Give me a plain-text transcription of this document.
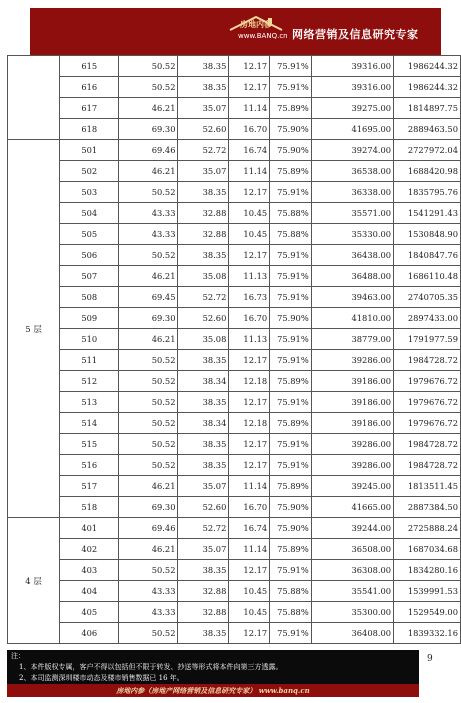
房地内参
www.BANQ.cn 网络营销及信息研究专家
	615	50.52	38.35	12.17	75.91%	39316.00	1986244.32
	616	50.52	38.35	12.17	75.91%	39316.00	1986244.32
	617	46.21	35.07	11.14	75.89%	39275.00	1814897.75
	618	69.30	52.60	16.70	75.90%	41695.00	2889463.50
5 层	501	69.46	52.72	16.74	75.90%	39274.00	2727972.04
	502	46.21	35.07	11.14	75.89%	36538.00	1688420.98
	503	50.52	38.35	12.17	75.91%	36338.00	1835795.76
	504	43.33	32.88	10.45	75.88%	35571.00	1541291.43
	505	43.33	32.88	10.45	75.88%	35330.00	1530848.90
	506	50.52	38.35	12.17	75.91%	36438.00	1840847.76
	507	46.21	35.08	11.13	75.91%	36488.00	1686110.48
	508	69.45	52.72	16.73	75.91%	39463.00	2740705.35
	509	69.30	52.60	16.70	75.90%	41810.00	2897433.00
	510	46.21	35.08	11.13	75.91%	38779.00	1791977.59
	511	50.52	38.35	12.17	75.91%	39286.00	1984728.72
	512	50.52	38.34	12.18	75.89%	39186.00	1979676.72
	513	50.52	38.35	12.17	75.91%	39186.00	1979676.72
	514	50.52	38.34	12.18	75.89%	39186.00	1979676.72
	515	50.52	38.35	12.17	75.91%	39286.00	1984728.72
	516	50.52	38.35	12.17	75.91%	39286.00	1984728.72
	517	46.21	35.07	11.14	75.89%	39245.00	1813511.45
	518	69.30	52.60	16.70	75.90%	41665.00	2887384.50
4 层	401	69.46	52.72	16.74	75.90%	39244.00	2725888.24
	402	46.21	35.07	11.14	75.89%	36508.00	1687034.68
	403	50.52	38.35	12.17	75.91%	36308.00	1834280.16
	404	43.33	32.88	10.45	75.88%	35541.00	1539991.53
	405	43.33	32.88	10.45	75.88%	35300.00	1529549.00
	406	50.52	38.35	12.17	75.91%	36408.00	1839332.16
注：
1、本件版权专属，客户不得以包括但不限于转发、抄送等形式将本件向第三方透露。
2、本司监测深圳楼市动态及楼市销售数据已 16 年。
9
房地内参（房地产网络营销及信息研究专家） www.banq.cn
